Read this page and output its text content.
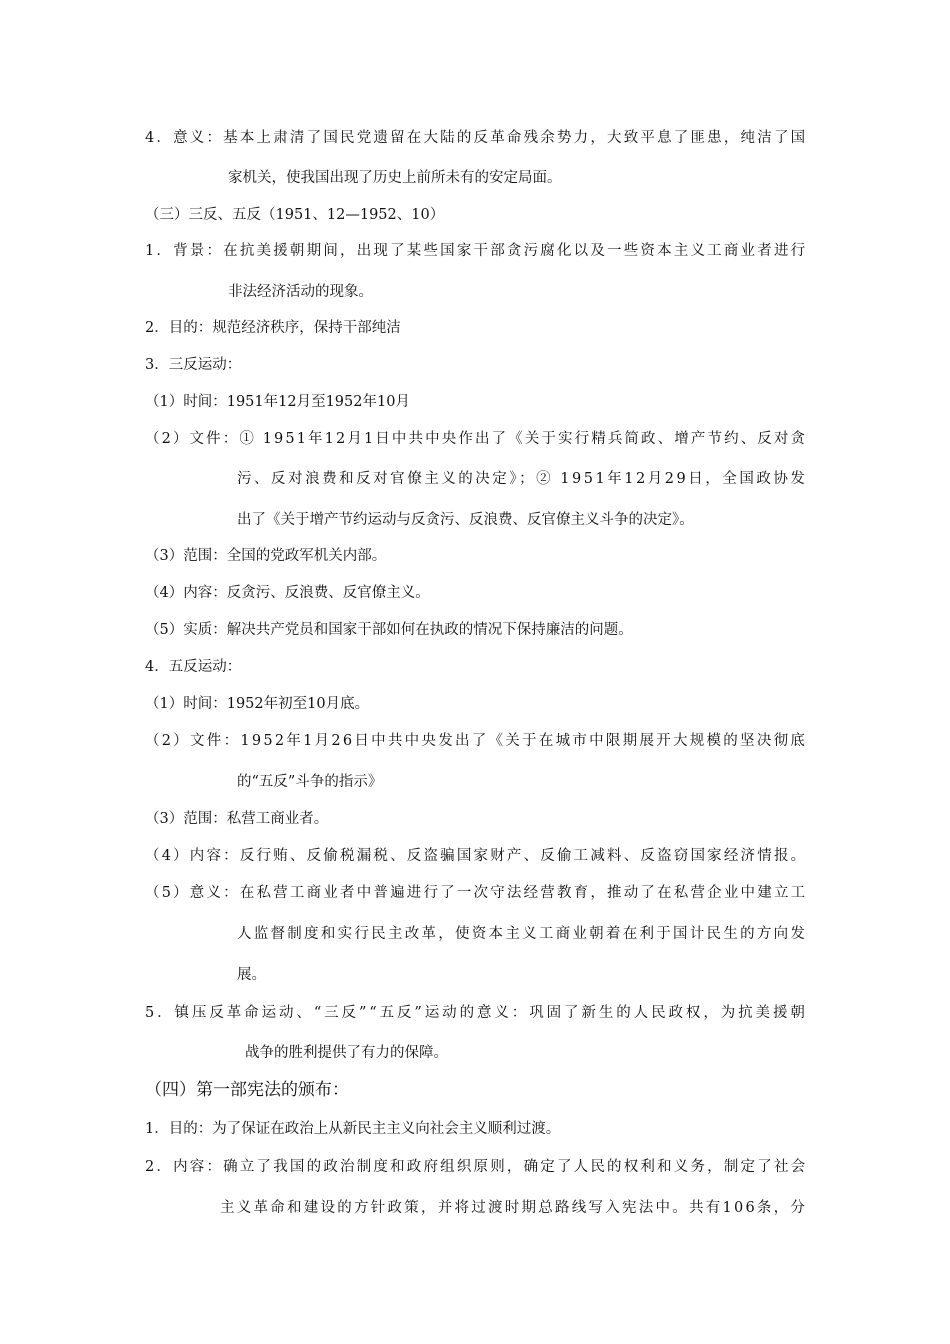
4．意义：基本上肃清了国民党遗留在大陆的反革命残余势力，大致平息了匪患，纯洁了国
家机关，使我国出现了历史上前所未有的安定局面。
（三）三反、五反（1951、12—1952、10）
1．背景：在抗美援朝期间，出现了某些国家干部贪污腐化以及一些资本主义工商业者进行
非法经济活动的现象。
2．目的：规范经济秩序，保持干部纯洁
3．三反运动：
（1）时间：1951年12月至1952年10月
（2）文件：① 1951年12月1日中共中央作出了《关于实行精兵简政、增产节约、反对贪
污、反对浪费和反对官僚主义的决定》；② 1951年12月29日，全国政协发
出了《关于增产节约运动与反贪污、反浪费、反官僚主义斗争的决定》。
（3）范围：全国的党政军机关内部。
（4）内容：反贪污、反浪费、反官僚主义。
（5）实质：解决共产党员和国家干部如何在执政的情况下保持廉洁的问题。
4．五反运动：
（1）时间：1952年初至10月底。
（2）文件：1952年1月26日中共中央发出了《关于在城市中限期展开大规模的坚决彻底
的“五反”斗争的指示》
（3）范围：私营工商业者。
（4）内容：反行贿、反偷税漏税、反盗骗国家财产、反偷工减料、反盗窃国家经济情报。
（5）意义：在私营工商业者中普遍进行了一次守法经营教育，推动了在私营企业中建立工
人监督制度和实行民主改革，使资本主义工商业朝着在利于国计民生的方向发
展。
5．镇压反革命运动、“三反”“五反”运动的意义：巩固了新生的人民政权，为抗美援朝
战争的胜利提供了有力的保障。
（四）第一部宪法的颁布：
1．目的：为了保证在政治上从新民主主义向社会主义顺利过渡。
2．内容：确立了我国的政治制度和政府组织原则，确定了人民的权利和义务，制定了社会
主义革命和建设的方针政策，并将过渡时期总路线写入宪法中。共有106条，分
